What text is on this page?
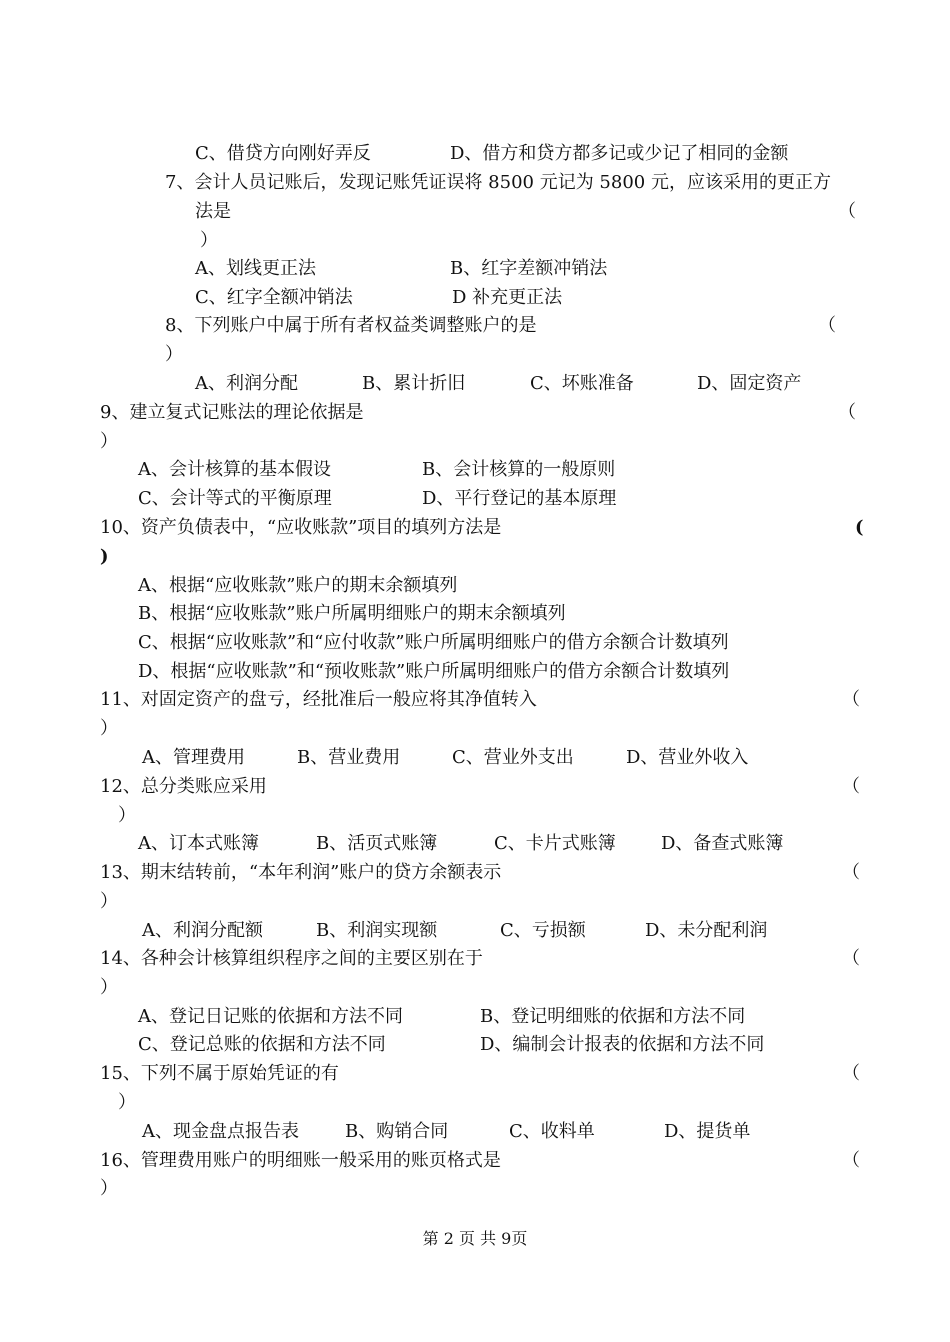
C、借贷方向刚好弄反	D、借方和贷方都多记或少记了相同的金额
7、会计人员记账后，发现记账凭证误将 8500 元记为 5800 元，应该采用的更正方
法是	（
）
A、划线更正法	B、红字差额冲销法
C、红字全额冲销法	D 补充更正法
8、下列账户中属于所有者权益类调整账户的是	（
）
A、利润分配	B、累计折旧	C、坏账准备	D、固定资产
9、建立复式记账法的理论依据是	（
）
A、会计核算的基本假设	B、会计核算的一般原则
C、会计等式的平衡原理	D、平行登记的基本原理
10、资产负债表中，“应收账款”项目的填列方法是	(
)
A、根据“应收账款”账户的期末余额填列
B、根据“应收账款”账户所属明细账户的期末余额填列
C、根据“应收账款”和“应付收款”账户所属明细账户的借方余额合计数填列
D、根据“应收账款”和“预收账款”账户所属明细账户的借方余额合计数填列
11、对固定资产的盘亏，经批准后一般应将其净值转入	（
）
A、管理费用	B、营业费用	C、营业外支出	D、营业外收入
12、总分类账应采用	（
）
A、订本式账簿	B、活页式账簿	C、卡片式账簿	D、备查式账簿
13、期末结转前，“本年利润”账户的贷方余额表示	（
）
A、利润分配额	B、利润实现额	C、亏损额	D、未分配利润
14、各种会计核算组织程序之间的主要区别在于	（
）
A、登记日记账的依据和方法不同	B、登记明细账的依据和方法不同
C、登记总账的依据和方法不同	D、编制会计报表的依据和方法不同
15、下列不属于原始凭证的有	（
）
A、现金盘点报告表	B、购销合同	C、收料单	D、提货单
16、管理费用账户的明细账一般采用的账页格式是	（
）
第 2 页 共 9页
